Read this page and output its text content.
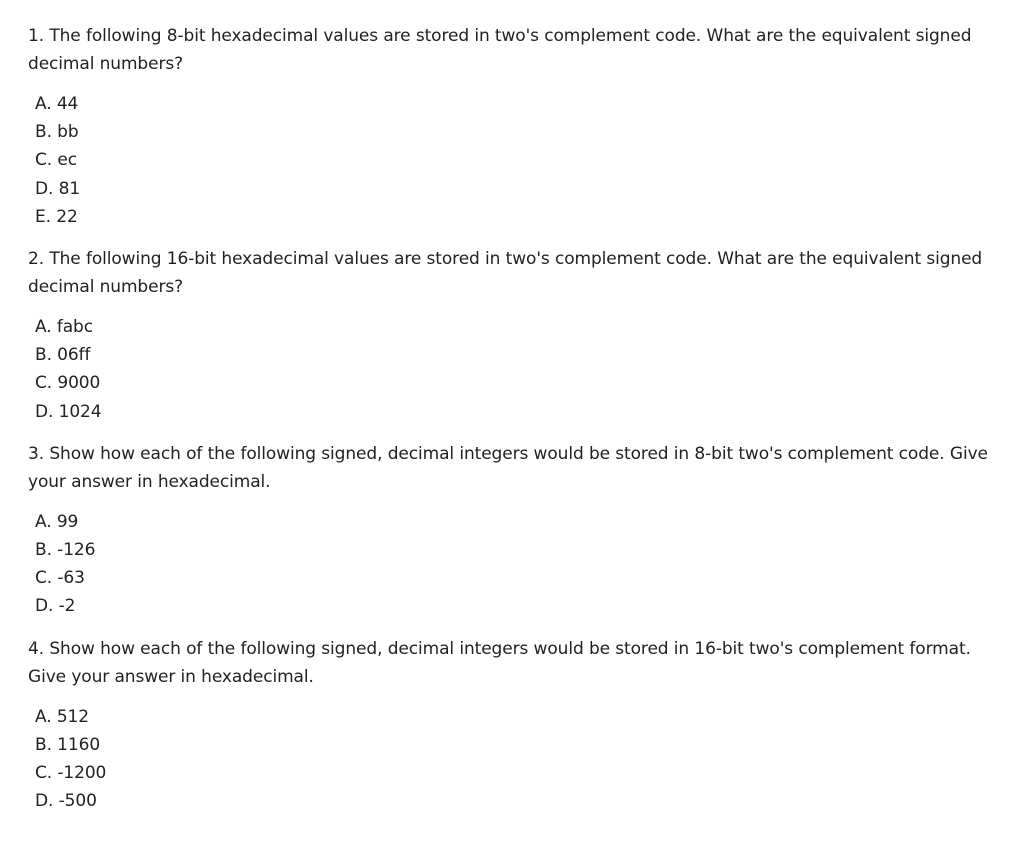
1. The following 8-bit hexadecimal values are stored in two's complement code. What are the equivalent signed decimal numbers?

A. 44
B. bb
C. ec
D. 81
E. 22

2. The following 16-bit hexadecimal values are stored in two's complement code. What are the equivalent signed decimal numbers?

A. fabc
B. 06ff
C. 9000
D. 1024

3. Show how each of the following signed, decimal integers would be stored in 8-bit two's complement code. Give your answer in hexadecimal.

A. 99
B. -126
C. -63
D. -2

4. Show how each of the following signed, decimal integers would be stored in 16-bit two's complement format. Give your answer in hexadecimal.

A. 512
B. 1160
C. -1200
D. -500
